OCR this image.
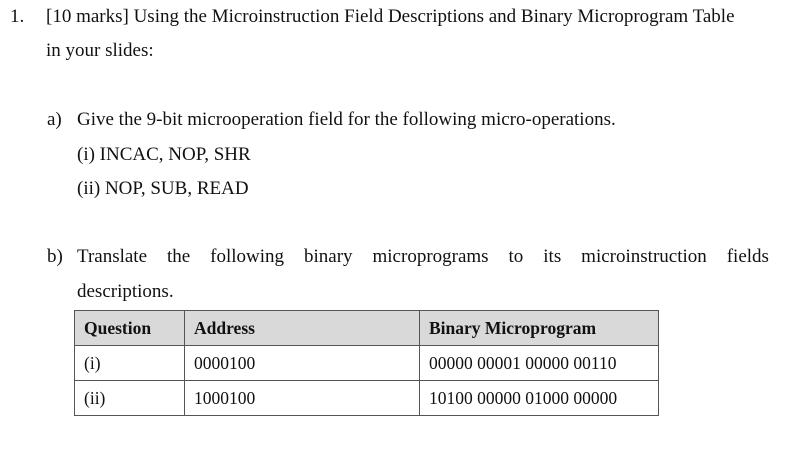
1. [10 marks] Using the Microinstruction Field Descriptions and Binary Microprogram Table
in your slides:
a) Give the 9-bit microoperation field for the following micro-operations.
(i) INCAC, NOP, SHR
(ii) NOP, SUB, READ
b) Translate the following binary microprograms to its microinstruction fields
descriptions.
Question	Address	Binary Microprogram
(i)	0000100	00000 00001 00000 00110
(ii)	1000100	10100 00000 01000 00000
